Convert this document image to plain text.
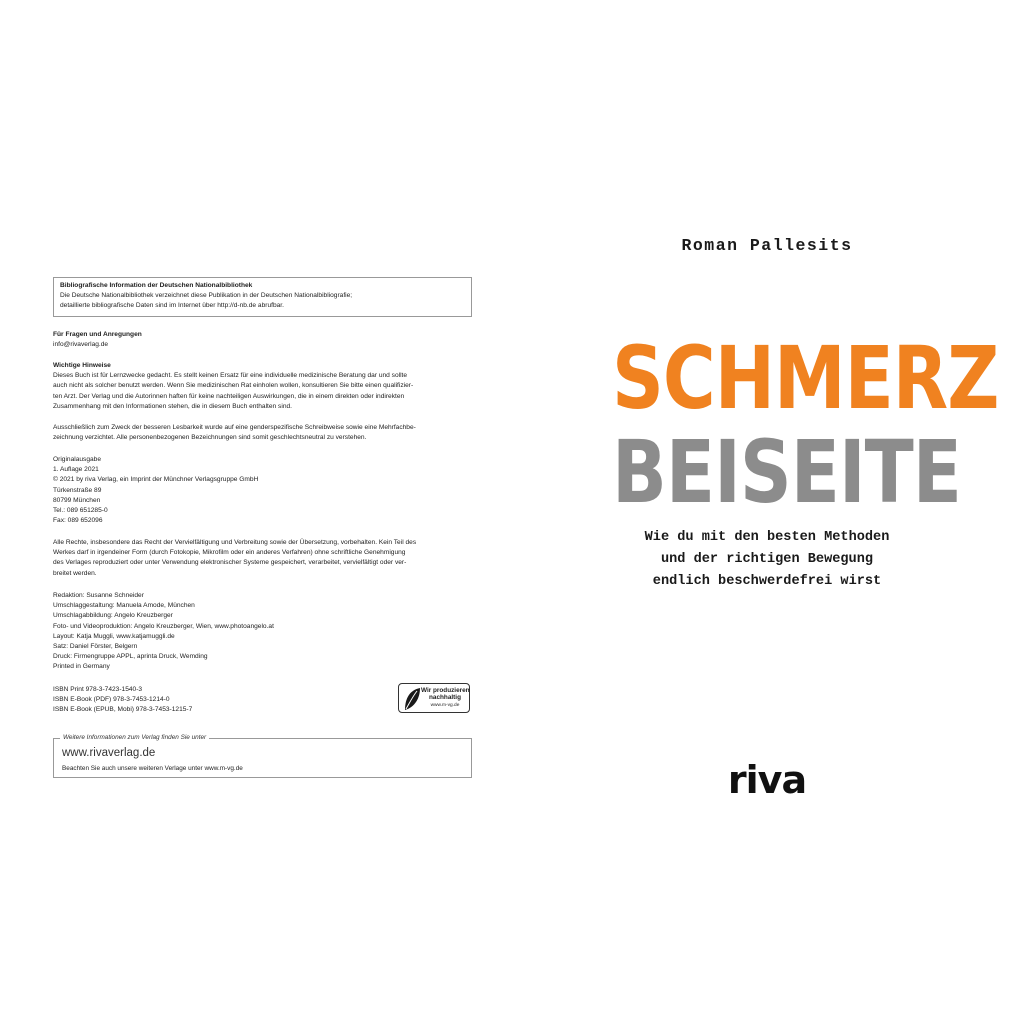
Bibliografische Information der Deutschen Nationalbibliothek
Die Deutsche Nationalbibliothek verzeichnet diese Publikation in der Deutschen Nationalbibliografie;
detaillierte bibliografische Daten sind im Internet über http://d-nb.de abrufbar.
Für Fragen und Anregungen
info@rivaverlag.de
Wichtige Hinweise
Dieses Buch ist für Lernzwecke gedacht. Es stellt keinen Ersatz für eine individuelle medizinische Beratung dar und sollte
auch nicht als solcher benutzt werden. Wenn Sie medizinischen Rat einholen wollen, konsultieren Sie bitte einen qualifizier-
ten Arzt. Der Verlag und die Autorinnen haften für keine nachteiligen Auswirkungen, die in einem direkten oder indirekten
Zusammenhang mit den Informationen stehen, die in diesem Buch enthalten sind.
Ausschließlich zum Zweck der besseren Lesbarkeit wurde auf eine genderspezifische Schreibweise sowie eine Mehrfachbe-
zeichnung verzichtet. Alle personenbezogenen Bezeichnungen sind somit geschlechtsneutral zu verstehen.
Originalausgabe
1. Auflage 2021
© 2021 by riva Verlag, ein Imprint der Münchner Verlagsgruppe GmbH
Türkenstraße 89
80799 München
Tel.: 089 651285-0
Fax: 089 652096
Alle Rechte, insbesondere das Recht der Vervielfältigung und Verbreitung sowie der Übersetzung, vorbehalten. Kein Teil des
Werkes darf in irgendeiner Form (durch Fotokopie, Mikrofilm oder ein anderes Verfahren) ohne schriftliche Genehmigung
des Verlages reproduziert oder unter Verwendung elektronischer Systeme gespeichert, verarbeitet, vervielfältigt oder ver-
breitet werden.
Redaktion: Susanne Schneider
Umschlaggestaltung: Manuela Amode, München
Umschlagabbildung: Angelo Kreuzberger
Foto- und Videoproduktion: Angelo Kreuzberger, Wien, www.photoangelo.at
Layout: Katja Muggli, www.katjamuggli.de
Satz: Daniel Förster, Belgern
Druck: Firmengruppe APPL, aprinta Druck, Wemding
Printed in Germany
ISBN Print 978-3-7423-1540-3
ISBN E-Book (PDF) 978-3-7453-1214-0
ISBN E-Book (EPUB, Mobi) 978-3-7453-1215-7
Wir produzieren
nachhaltig
www.m-vg.de
Weitere Informationen zum Verlag finden Sie unter
www.rivaverlag.de
Beachten Sie auch unsere weiteren Verlage unter www.m-vg.de
Roman Pallesits
SCHMERZ
BEISEITE
Wie du mit den besten Methoden
und der richtigen Bewegung
endlich beschwerdefrei wirst
riva
